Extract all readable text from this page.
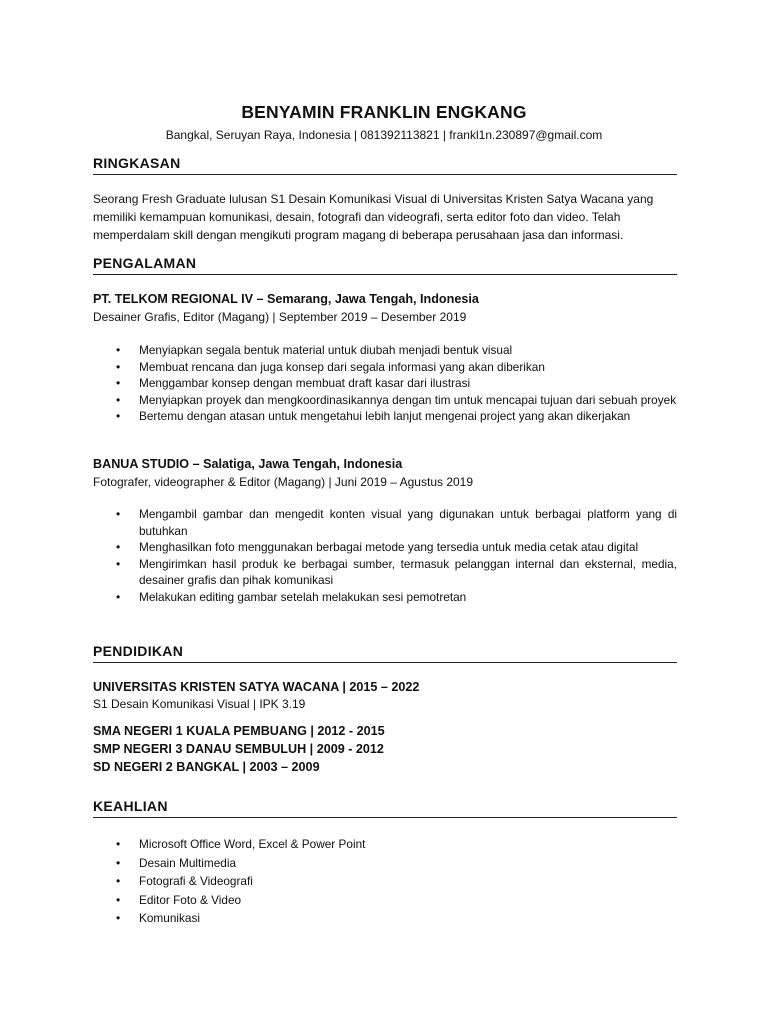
BENYAMIN FRANKLIN ENGKANG
Bangkal, Seruyan Raya, Indonesia | 081392113821 | frankl1n.230897@gmail.com
RINGKASAN
Seorang Fresh Graduate lulusan S1 Desain Komunikasi Visual di Universitas Kristen Satya Wacana yang
memiliki kemampuan komunikasi, desain, fotografi dan videografi, serta editor foto dan video. Telah
memperdalam skill dengan mengikuti program magang di beberapa perusahaan jasa dan informasi.
PENGALAMAN
PT. TELKOM REGIONAL IV – Semarang, Jawa Tengah, Indonesia
Desainer Grafis, Editor (Magang) | September 2019 – Desember 2019
• Menyiapkan segala bentuk material untuk diubah menjadi bentuk visual
• Membuat rencana dan juga konsep dari segala informasi yang akan diberikan
• Menggambar konsep dengan membuat draft kasar dari ilustrasi
• Menyiapkan proyek dan mengkoordinasikannya dengan tim untuk mencapai tujuan dari sebuah proyek
• Bertemu dengan atasan untuk mengetahui lebih lanjut mengenai project yang akan dikerjakan
BANUA STUDIO – Salatiga, Jawa Tengah, Indonesia
Fotografer, videographer & Editor (Magang) | Juni 2019 – Agustus 2019
• Mengambil gambar dan mengedit konten visual yang digunakan untuk berbagai platform yang di butuhkan
• Menghasilkan foto menggunakan berbagai metode yang tersedia untuk media cetak atau digital
• Mengirimkan hasil produk ke berbagai sumber, termasuk pelanggan internal dan eksternal, media, desainer grafis dan pihak komunikasi
• Melakukan editing gambar setelah melakukan sesi pemotretan
PENDIDIKAN
UNIVERSITAS KRISTEN SATYA WACANA | 2015 – 2022
S1 Desain Komunikasi Visual | IPK 3.19
SMA NEGERI 1 KUALA PEMBUANG | 2012 - 2015
SMP NEGERI 3 DANAU SEMBULUH | 2009 - 2012
SD NEGERI 2 BANGKAL | 2003 – 2009
KEAHLIAN
• Microsoft Office Word, Excel & Power Point
• Desain Multimedia
• Fotografi & Videografi
• Editor Foto & Video
• Komunikasi
